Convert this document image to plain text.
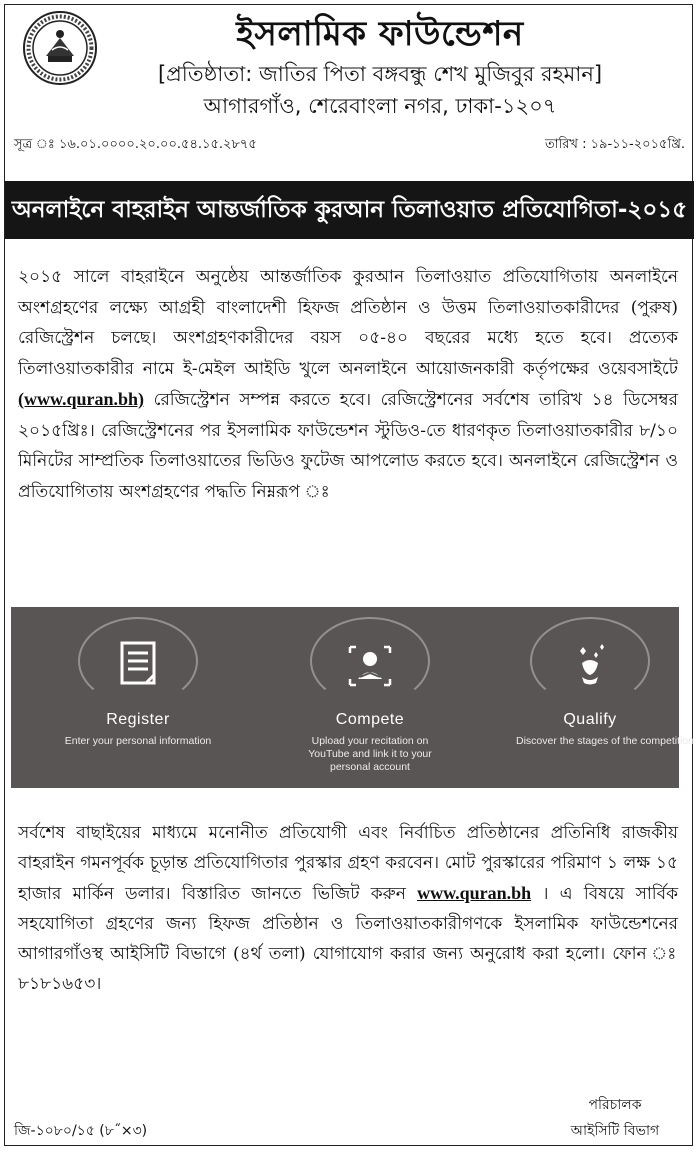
ইসলামিক ফাউন্ডেশন
[প্রতিষ্ঠাতা: জাতির পিতা বঙ্গবন্ধু শেখ মুজিবুর রহমান]
আগারগাঁও, শেরেবাংলা নগর, ঢাকা-১২০৭
সূত্র ঃ ১৬.০১.০০০০.২০.০০.৫৪.১৫.২৮৭৫	তারিখ : ১৯-১১-২০১৫খ্রি.
অনলাইনে বাহরাইন আন্তর্জাতিক কুরআন তিলাওয়াত প্রতিযোগিতা-২০১৫
২০১৫ সালে বাহরাইনে অনুষ্ঠেয় আন্তর্জাতিক কুরআন তিলাওয়াত প্রতিযোগিতায় অনলাইনে অংশগ্রহণের লক্ষ্যে আগ্রহী বাংলাদেশী হিফজ প্রতিষ্ঠান ও উত্তম তিলাওয়াতকারীদের (পুরুষ) রেজিস্ট্রেশন চলছে। অংশগ্রহণকারীদের বয়স ০৫-৪০ বছরের মধ্যে হতে হবে। প্রত্যেক তিলাওয়াতকারীর নামে ই-মেইল আইডি খুলে অনলাইনে আয়োজনকারী কর্তৃপক্ষের ওয়েবসাইটে (www.quran.bh) রেজিস্ট্রেশন সম্পন্ন করতে হবে। রেজিস্ট্রেশনের সর্বশেষ তারিখ ১৪ ডিসেম্বর ২০১৫খ্রিঃ। রেজিস্ট্রেশনের পর ইসলামিক ফাউন্ডেশন স্টুডিও-তে ধারণকৃত তিলাওয়াতকারীর ৮/১০ মিনিটের সাম্প্রতিক তিলাওয়াতের ভিডিও ফুটেজ আপলোড করতে হবে। অনলাইনে রেজিস্ট্রেশন ও প্রতিযোগিতায় অংশগ্রহণের পদ্ধতি নিম্নরূপ ঃ
Register
Enter your personal information
Compete
Upload your recitation on YouTube and link it to your personal account
Qualify
Discover the stages of the competition
সর্বশেষ বাছাইয়ের মাধ্যমে মনোনীত প্রতিযোগী এবং নির্বাচিত প্রতিষ্ঠানের প্রতিনিধি রাজকীয় বাহরাইন গমনপূর্বক চূড়ান্ত প্রতিযোগিতার পুরস্কার গ্রহণ করবেন। মোট পুরস্কারের পরিমাণ ১ লক্ষ ১৫ হাজার মার্কিন ডলার। বিস্তারিত জানতে ভিজিট করুন www.quran.bh । এ বিষয়ে সার্বিক সহযোগিতা গ্রহণের জন্য হিফজ প্রতিষ্ঠান ও তিলাওয়াতকারীগণকে ইসলামিক ফাউন্ডেশনের আগারগাঁওস্থ আইসিটি বিভাগে (৪র্থ তলা) যোগাযোগ করার জন্য অনুরোধ করা হলো। ফোন ঃ ৮১৮১৬৫৩।
পরিচালক
আইসিটি বিভাগ
জি-১০৮০/১৫ (৮˝×৩)
